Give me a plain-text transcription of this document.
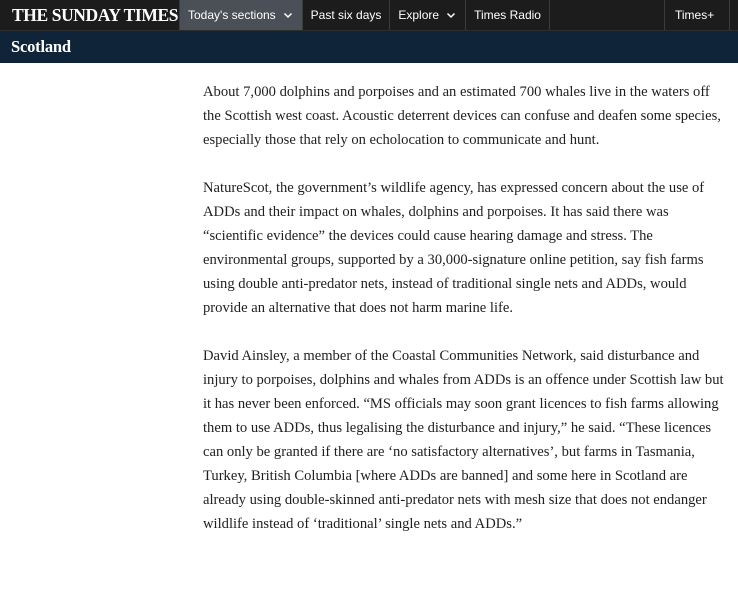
THE SUNDAY TIMES Today's sections	Past six days Explore	Times Radio	Times+
Scotland

About 7,000 dolphins and porpoises and an estimated 700 whales live in the waters off the Scottish west coast. Acoustic deterrent devices can confuse and deafen some species, especially those that rely on echolocation to communicate and hunt.

NatureScot, the government’s wildlife agency, has expressed concern about the use of ADDs and their impact on whales, dolphins and porpoises. It has said there was “scientific evidence” the devices could cause hearing damage and stress. The environmental groups, supported by a 30,000-signature online petition, say fish farms using double anti-predator nets, instead of traditional single nets and ADDs, would provide an alternative that does not harm marine life.

David Ainsley, a member of the Coastal Communities Network, said disturbance and injury to porpoises, dolphins and whales from ADDs is an offence under Scottish law but it has never been enforced. “MS officials may soon grant licences to fish farms allowing them to use ADDs, thus legalising the disturbance and injury,” he said. “These licences can only be granted if there are ‘no satisfactory alternatives’, but farms in Tasmania, Turkey, British Columbia [where ADDs are banned] and some here in Scotland are already using double-skinned anti-predator nets with mesh size that does not endanger wildlife instead of ‘traditional’ single nets and ADDs.”
